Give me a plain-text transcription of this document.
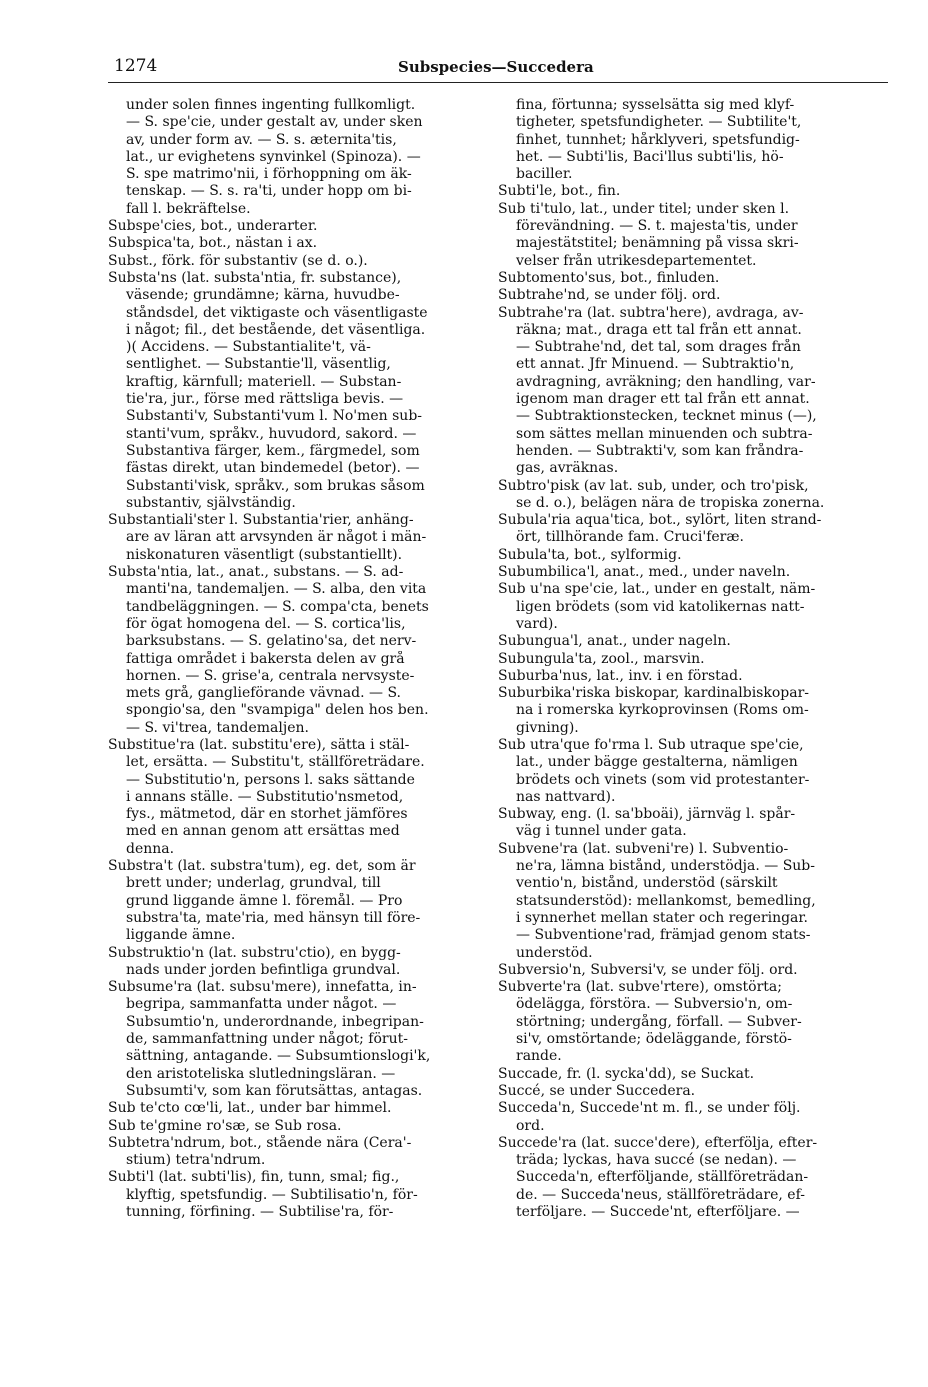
1274	Subspecies—Succedera
under solen finnes ingenting fullkomligt.
— S. spe'cie, under gestalt av, under sken
av, under form av. — S. s. æternita'tis,
lat., ur evighetens synvinkel (Spinoza). —
S. spe matrimo'nii, i förhoppning om äk-
tenskap. — S. s. ra'ti, under hopp om bi-
fall l. bekräftelse.
Subspe'cies, bot., underarter.
Subspica'ta, bot., nästan i ax.
Subst., förk. för substantiv (se d. o.).
Substa'ns (lat. substa'ntia, fr. substance),
väsende; grundämne; kärna, huvudbe-
ståndsdel, det viktigaste och väsentligaste
i något; fil., det bestående, det väsentliga.
)( Accidens. — Substantialite't, vä-
sentlighet. — Substantie'll, väsentlig,
kraftig, kärnfull; materiell. — Substan-
tie'ra, jur., förse med rättsliga bevis. —
Substanti'v, Substanti'vum l. No'men sub-
stanti'vum, språkv., huvudord, sakord. —
Substantiva färger, kem., färgmedel, som
fästas direkt, utan bindemedel (betor). —
Substanti'visk, språkv., som brukas såsom
substantiv, självständig.
Substantiali'ster l. Substantia'rier, anhäng-
are av läran att arvsynden är något i män-
niskonaturen väsentligt (substantiellt).
Substa'ntia, lat., anat., substans. — S. ad-
manti'na, tandemaljen. — S. alba, den vita
tandbeläggningen. — S. compa'cta, benets
för ögat homogena del. — S. cortica'lis,
barksubstans. — S. gelatino'sa, det nerv-
fattiga området i bakersta delen av grå
hornen. — S. grise'a, centrala nervsyste-
mets grå, ganglieförande vävnad. — S.
spongio'sa, den "svampiga" delen hos ben.
— S. vi'trea, tandemaljen.
Substitue'ra (lat. substitu'ere), sätta i stäl-
let, ersätta. — Substitu't, ställföreträdare.
— Substitutio'n, persons l. saks sättande
i annans ställe. — Substitutio'nsmetod,
fys., mätmetod, där en storhet jämföres
med en annan genom att ersättas med
denna.
Substra't (lat. substra'tum), eg. det, som är
brett under; underlag, grundval, till
grund liggande ämne l. föremål. — Pro
substra'ta, mate'ria, med hänsyn till före-
liggande ämne.
Substruktio'n (lat. substru'ctio), en bygg-
nads under jorden befintliga grundval.
Subsume'ra (lat. subsu'mere), innefatta, in-
begripa, sammanfatta under något. —
Subsumtio'n, underordnande, inbegripan-
de, sammanfattning under något; förut-
sättning, antagande. — Subsumtionslogi'k,
den aristoteliska slutledningsläran. —
Subsumti'v, som kan förutsättas, antagas.
Sub te'cto cœ'li, lat., under bar himmel.
Sub te'gmine ro'sæ, se Sub rosa.
Subtetra'ndrum, bot., stående nära (Cera'-
stium) tetra'ndrum.
Subti'l (lat. subti'lis), fin, tunn, smal; fig.,
klyftig, spetsfundig. — Subtilisatio'n, för-
tunning, förfining. — Subtilise'ra, för-
fina, förtunna; sysselsätta sig med klyf-
tigheter, spetsfundigheter. — Subtilite't,
finhet, tunnhet; hårklyveri, spetsfundig-
het. — Subti'lis, Baci'llus subti'lis, hö-
baciller.
Subti'le, bot., fin.
Sub ti'tulo, lat., under titel; under sken l.
förevändning. — S. t. majesta'tis, under
majestätstitel; benämning på vissa skri-
velser från utrikesdepartementet.
Subtomento'sus, bot., finluden.
Subtrahe'nd, se under följ. ord.
Subtrahe'ra (lat. subtra'here), avdraga, av-
räkna; mat., draga ett tal från ett annat.
— Subtrahe'nd, det tal, som drages från
ett annat. Jfr Minuend. — Subtraktio'n,
avdragning, avräkning; den handling, var-
igenom man drager ett tal från ett annat.
— Subtraktionstecken, tecknet minus (—),
som sättes mellan minuenden och subtra-
henden. — Subtrakti'v, som kan fråndra-
gas, avräknas.
Subtro'pisk (av lat. sub, under, och tro'pisk,
se d. o.), belägen nära de tropiska zonerna.
Subula'ria aqua'tica, bot., sylört, liten strand-
ört, tillhörande fam. Cruci'feræ.
Subula'ta, bot., sylformig.
Subumbilica'l, anat., med., under naveln.
Sub u'na spe'cie, lat., under en gestalt, näm-
ligen brödets (som vid katolikernas natt-
vard).
Subungua'l, anat., under nageln.
Subungula'ta, zool., marsvin.
Suburba'nus, lat., inv. i en förstad.
Suburbika'riska biskopar, kardinalbiskopar-
na i romerska kyrkoprovinsen (Roms om-
givning).
Sub utra'que fo'rma l. Sub utraque spe'cie,
lat., under bägge gestalterna, nämligen
brödets och vinets (som vid protestanter-
nas nattvard).
Subway, eng. (l. sa'bboäi), järnväg l. spår-
väg i tunnel under gata.
Subvene'ra (lat. subveni're) l. Subventio-
ne'ra, lämna bistånd, understödja. — Sub-
ventio'n, bistånd, understöd (särskilt
statsunderstöd): mellankomst, bemedling,
i synnerhet mellan stater och regeringar.
— Subventione'rad, främjad genom stats-
understöd.
Subversio'n, Subversi'v, se under följ. ord.
Subverte'ra (lat. subve'rtere), omstörta;
ödelägga, förstöra. — Subversio'n, om-
störtning; undergång, förfall. — Subver-
si'v, omstörtande; ödeläggande, förstö-
rande.
Succade, fr. (l. sycka'dd), se Suckat.
Succé, se under Succedera.
Succeda'n, Succede'nt m. fl., se under följ.
ord.
Succede'ra (lat. succe'dere), efterfölja, efter-
träda; lyckas, hava succé (se nedan). —
Succeda'n, efterföljande, ställföreträdan-
de. — Succeda'neus, ställföreträdare, ef-
terföljare. — Succede'nt, efterföljare. —
